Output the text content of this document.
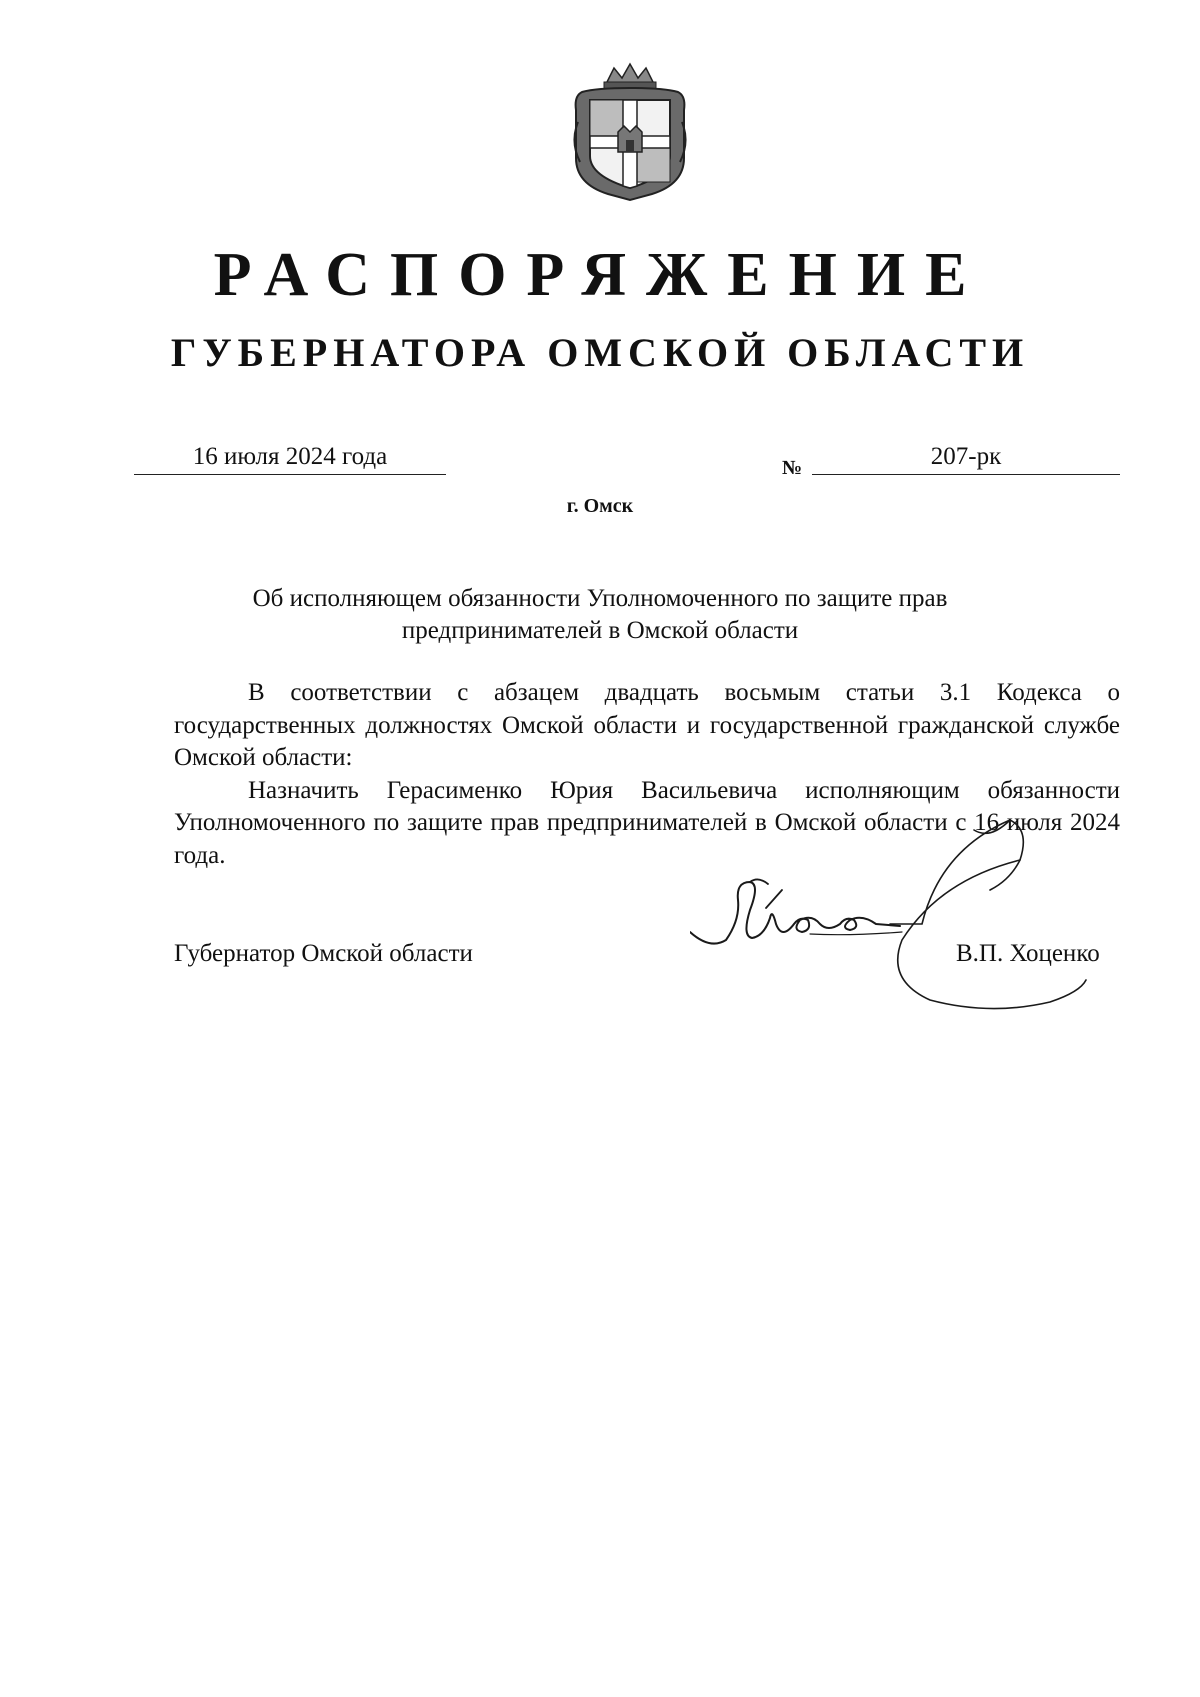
РАСПОРЯЖЕНИЕ
ГУБЕРНАТОРА ОМСКОЙ ОБЛАСТИ
16 июля 2024 года	№	207-рк
г. Омск
Об исполняющем обязанности Уполномоченного по защите прав
предпринимателей в Омской области

В соответствии с абзацем двадцать восьмым статьи 3.1 Кодекса о государственных должностях Омской области и государственной гражданской службе Омской области:

Назначить Герасименко Юрия Васильевича исполняющим обязанности Уполномоченного по защите прав предпринимателей в Омской области с 16 июля 2024 года.

Губернатор Омской области	В.П. Хоценко
